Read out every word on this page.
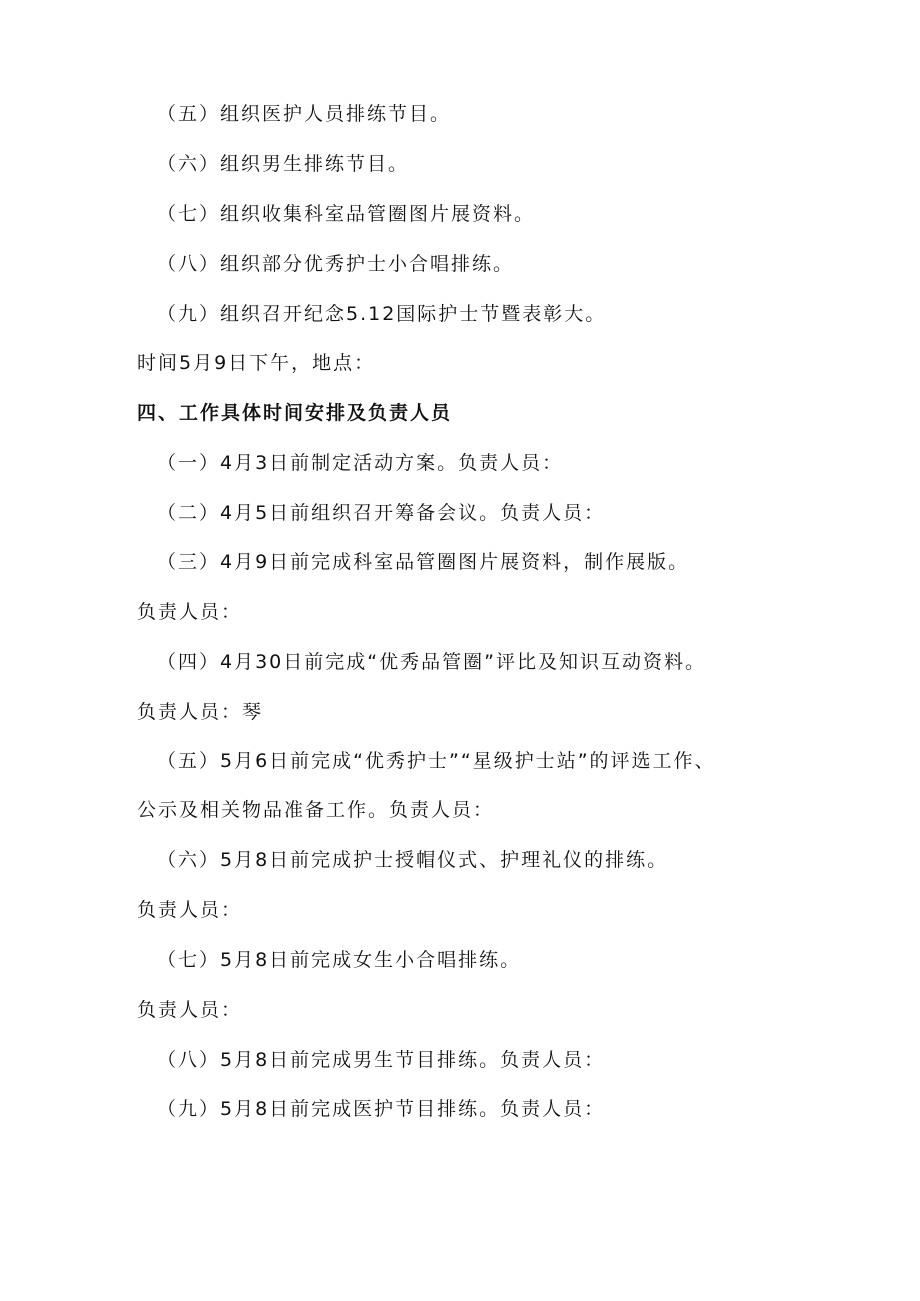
（五）组织医护人员排练节目。
（六）组织男生排练节目。
（七）组织收集科室品管圈图片展资料。
（八）组织部分优秀护士小合唱排练。
（九）组织召开纪念5.12国际护士节暨表彰大。
时间5月9日下午，地点：
四、工作具体时间安排及负责人员
（一）4月3日前制定活动方案。负责人员：
（二）4月5日前组织召开筹备会议。负责人员：
（三）4月9日前完成科室品管圈图片展资料，制作展版。
负责人员：
（四）4月30日前完成“优秀品管圈”评比及知识互动资料。
负责人员：琴
（五）5月6日前完成“优秀护士”“星级护士站”的评选工作、
公示及相关物品准备工作。负责人员：
（六）5月8日前完成护士授帽仪式、护理礼仪的排练。
负责人员：
（七）5月8日前完成女生小合唱排练。
负责人员：
（八）5月8日前完成男生节目排练。负责人员：
（九）5月8日前完成医护节目排练。负责人员：
